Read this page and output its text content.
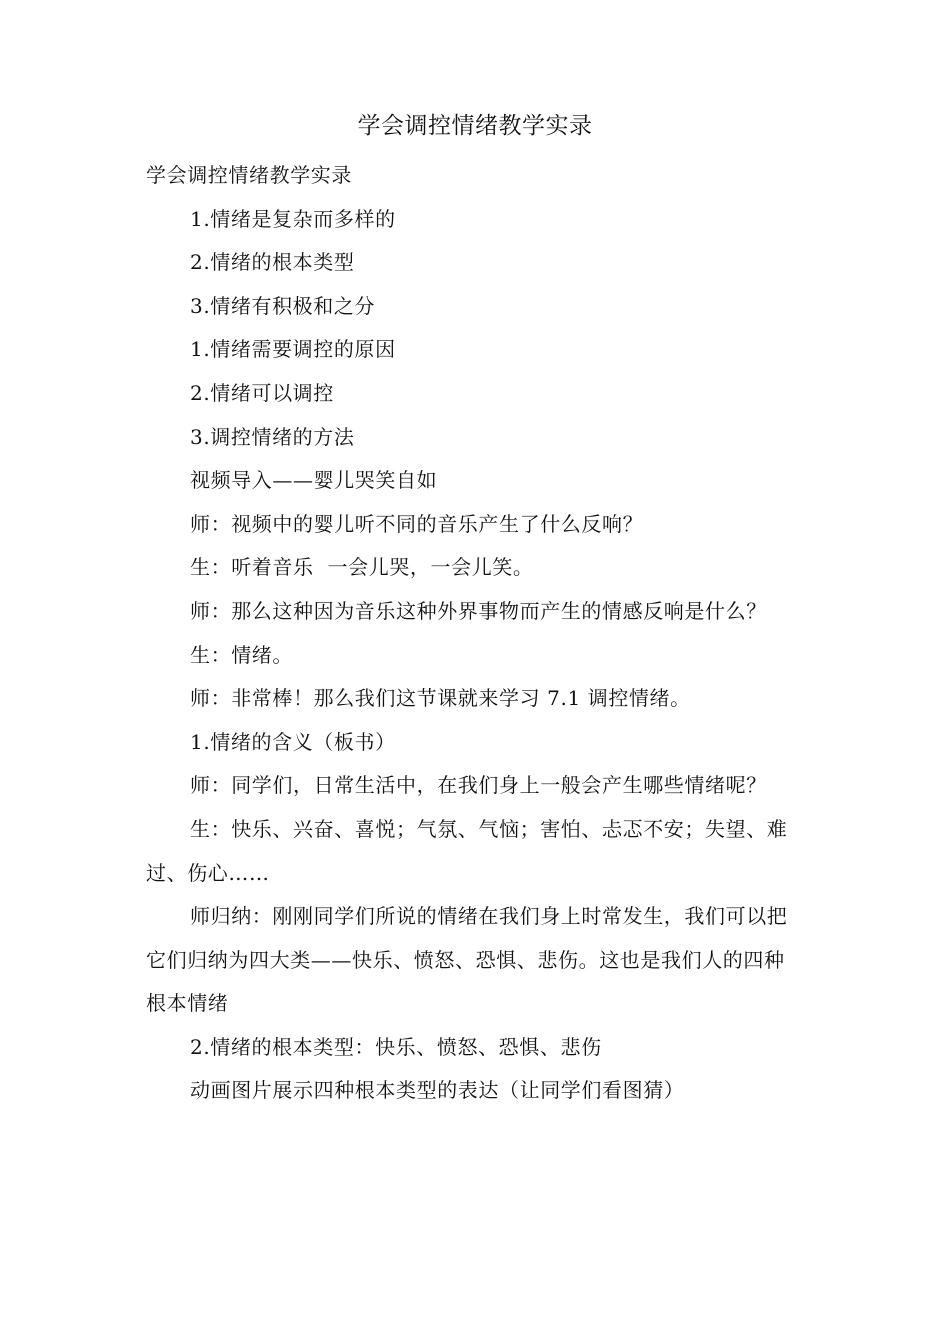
学会调控情绪教学实录

学会调控情绪教学实录

1.情绪是复杂而多样的

2.情绪的根本类型

3.情绪有积极和之分

1.情绪需要调控的原因

2.情绪可以调控

3.调控情绪的方法

视频导入——婴儿哭笑自如

师：视频中的婴儿听不同的音乐产生了什么反响？

生：听着音乐  一会儿哭，一会儿笑。

师：那么这种因为音乐这种外界事物而产生的情感反响是什么？

生：情绪。

师：非常棒！那么我们这节课就来学习 7.1 调控情绪。

1.情绪的含义（板书）

师：同学们，日常生活中，在我们身上一般会产生哪些情绪呢？

生：快乐、兴奋、喜悦；气氛、气恼；害怕、忐忑不安；失望、难过、伤心……

师归纳：刚刚同学们所说的情绪在我们身上时常发生，我们可以把它们归纳为四大类——快乐、愤怒、恐惧、悲伤。这也是我们人的四种根本情绪

2.情绪的根本类型：快乐、愤怒、恐惧、悲伤

动画图片展示四种根本类型的表达（让同学们看图猜）
